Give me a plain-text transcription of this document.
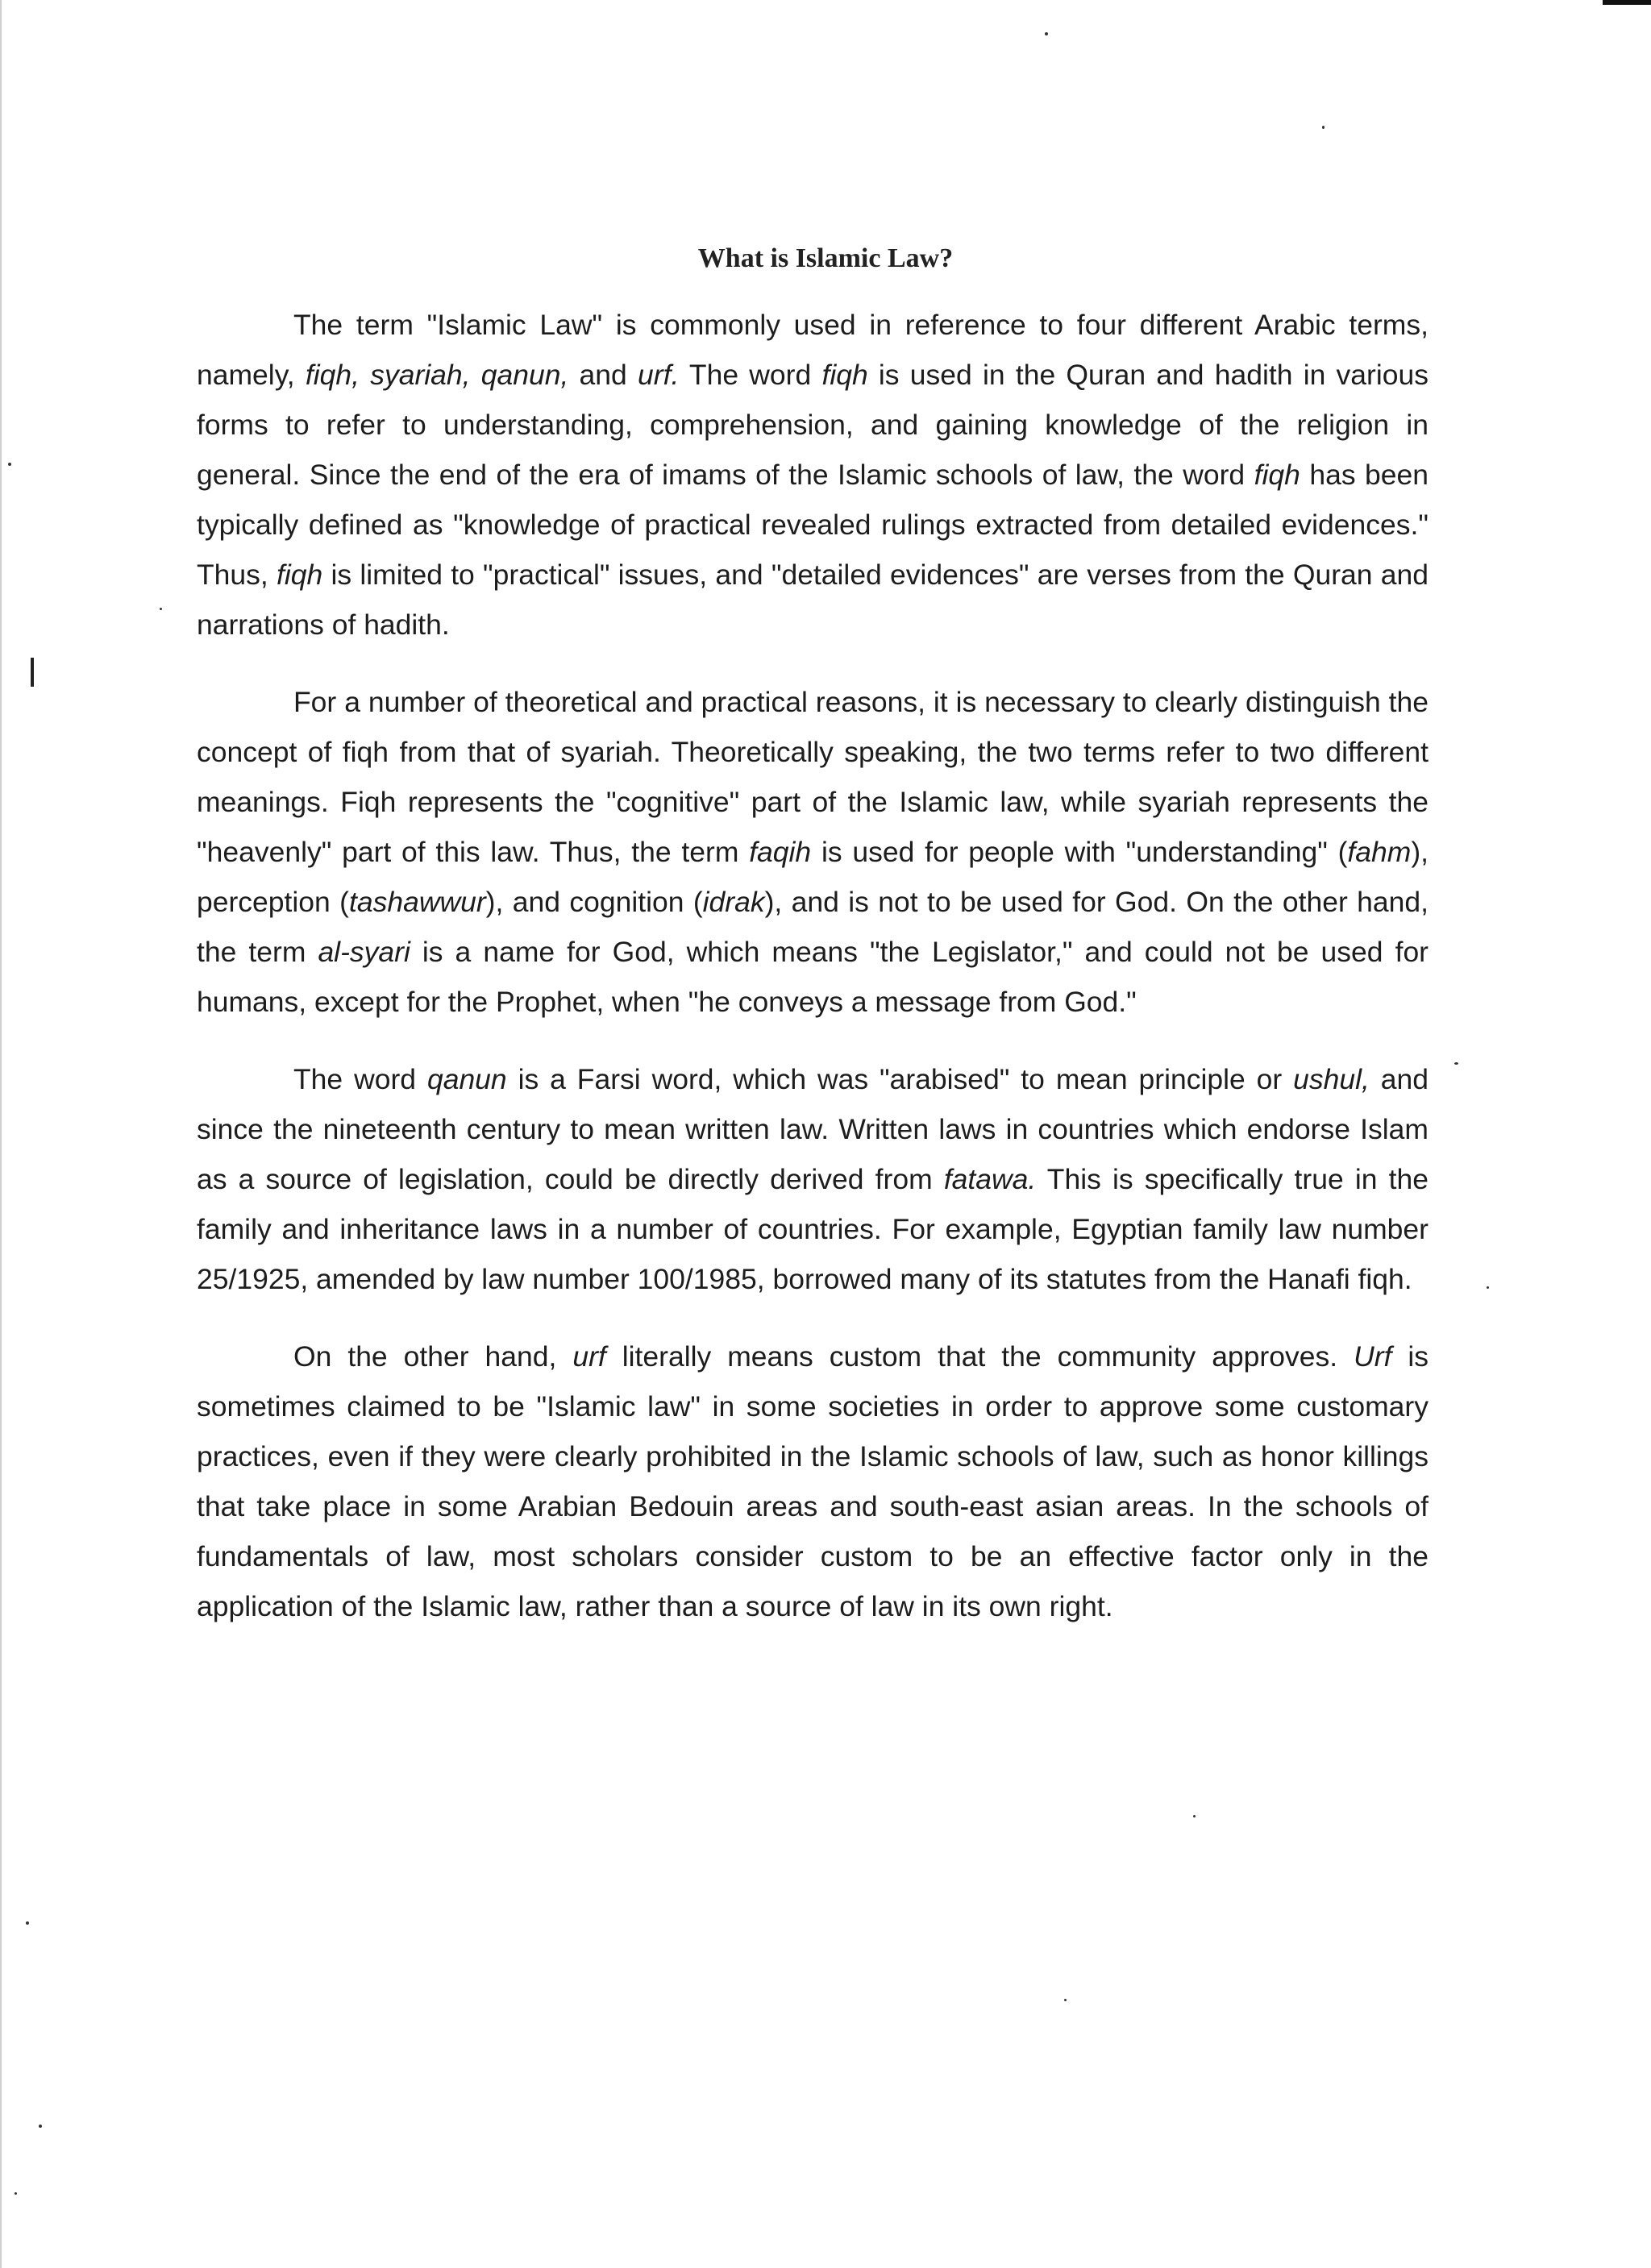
What is Islamic Law?

The term "Islamic Law" is commonly used in reference to four different Arabic terms, namely, fiqh, syariah, qanun, and urf. The word fiqh is used in the Quran and hadith in various forms to refer to understanding, comprehension, and gaining knowledge of the religion in general. Since the end of the era of imams of the Islamic schools of law, the word fiqh has been typically defined as "knowledge of practical revealed rulings extracted from detailed evidences." Thus, fiqh is limited to "practical" issues, and "detailed evidences" are verses from the Quran and narrations of hadith.

For a number of theoretical and practical reasons, it is necessary to clearly distinguish the concept of fiqh from that of syariah. Theoretically speaking, the two terms refer to two different meanings. Fiqh represents the "cognitive" part of the Islamic law, while syariah represents the "heavenly" part of this law. Thus, the term faqih is used for people with "understanding" (fahm), perception (tashawwur), and cognition (idrak), and is not to be used for God. On the other hand, the term al-syari is a name for God, which means "the Legislator," and could not be used for humans, except for the Prophet, when "he conveys a message from God."

The word qanun is a Farsi word, which was "arabised" to mean principle or ushul, and since the nineteenth century to mean written law. Written laws in countries which endorse Islam as a source of legislation, could be directly derived from fatawa. This is specifically true in the family and inheritance laws in a number of countries. For example, Egyptian family law number 25/1925, amended by law number 100/1985, borrowed many of its statutes from the Hanafi fiqh.

On the other hand, urf literally means custom that the community approves. Urf is sometimes claimed to be "Islamic law" in some societies in order to approve some customary practices, even if they were clearly prohibited in the Islamic schools of law, such as honor killings that take place in some Arabian Bedouin areas and south-east asian areas. In the schools of fundamentals of law, most scholars consider custom to be an effective factor only in the application of the Islamic law, rather than a source of law in its own right.
